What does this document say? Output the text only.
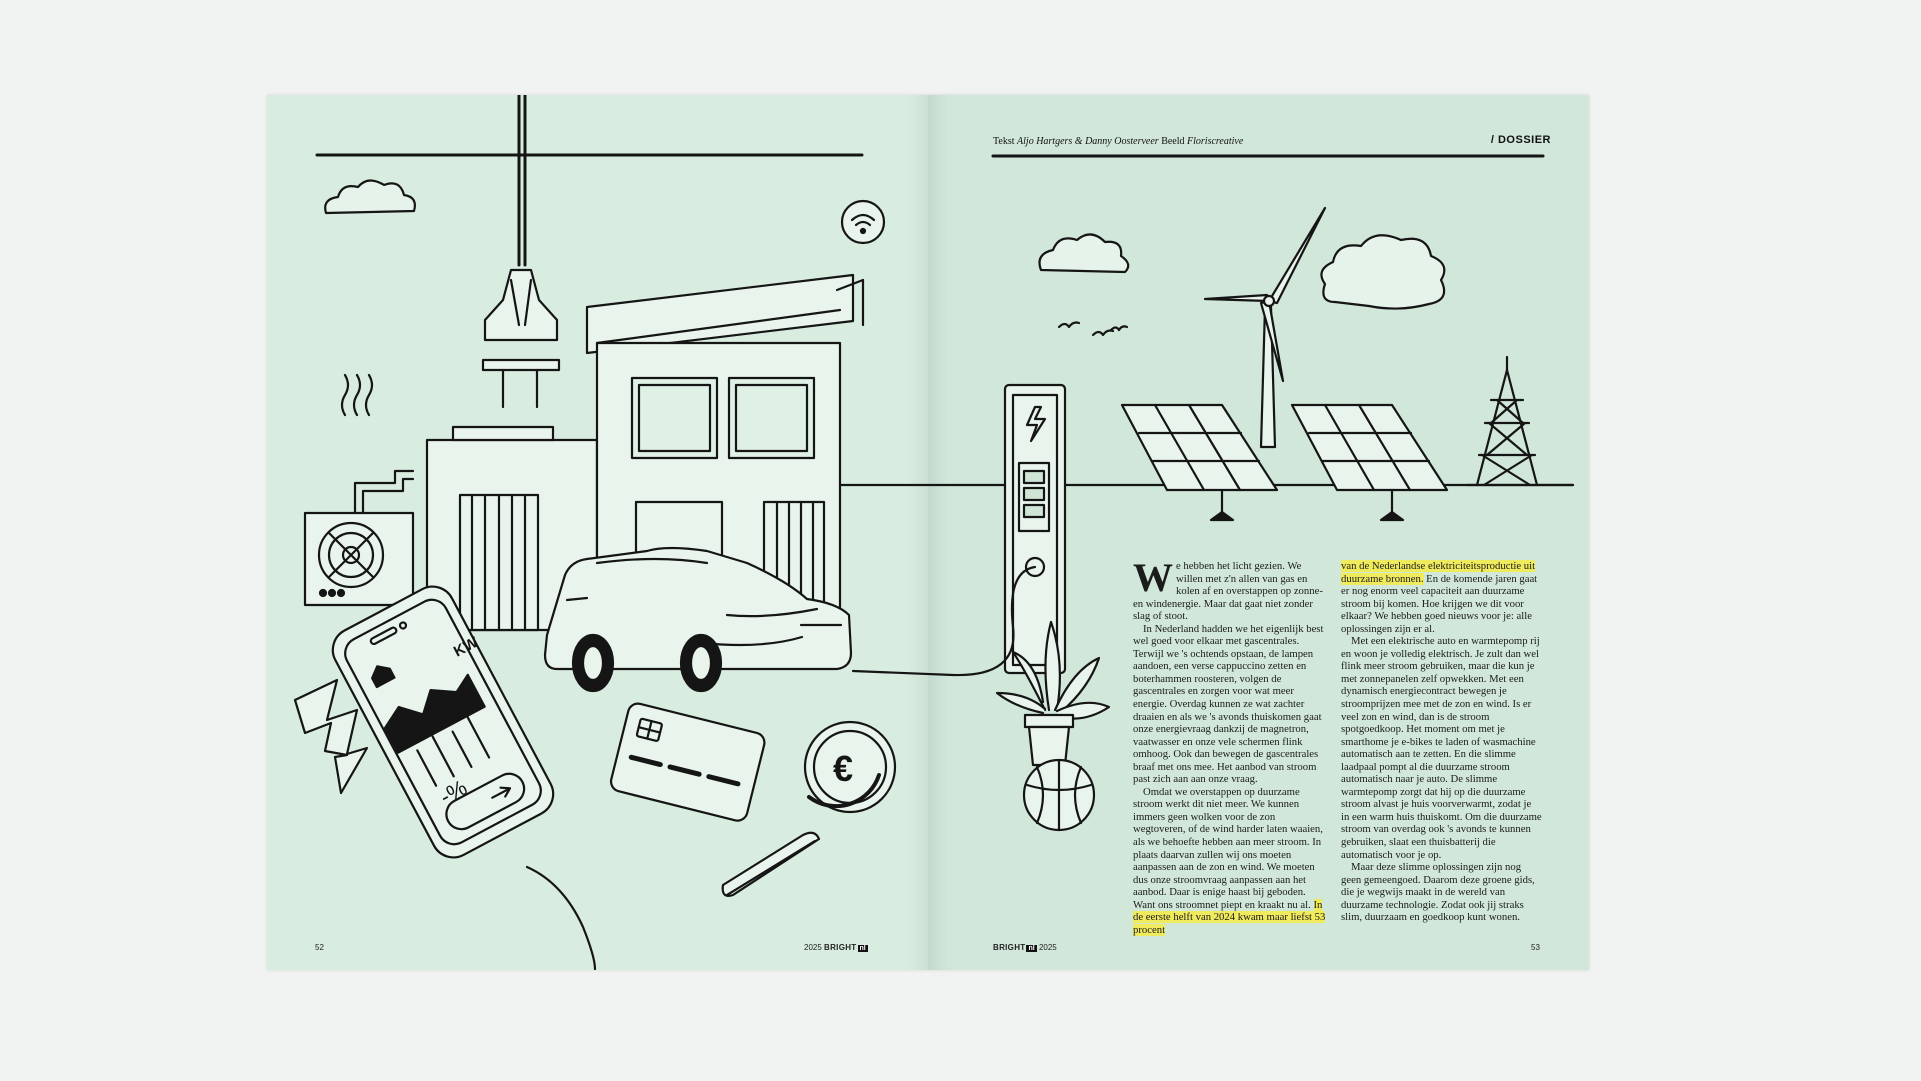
KW
-%
€
Tekst Aljo Hartgers & Danny Oosterveer Beeld Floriscreative	/ DOSSIER

We hebben het licht gezien. We willen met z'n allen van gas en kolen af en overstappen op zonne- en windenergie. Maar dat gaat niet zonder slag of stoot.

In Nederland hadden we het eigenlijk best wel goed voor elkaar met gascentrales. Terwijl we 's ochtends opstaan, de lampen aandoen, een verse cappuccino zetten en boterhammen roosteren, volgen de gascentrales en zorgen voor wat meer energie. Overdag kunnen ze wat zachter draaien en als we 's avonds thuiskomen gaat onze energievraag dankzij de magnetron, vaatwasser en onze vele schermen flink omhoog. Ook dan bewegen de gascentrales braaf met ons mee. Het aanbod van stroom past zich aan aan onze vraag.

Omdat we overstappen op duurzame stroom werkt dit niet meer. We kunnen immers geen wolken voor de zon wegtoveren, of de wind harder laten waaien, als we behoefte hebben aan meer stroom. In plaats daarvan zullen wij ons moeten aanpassen aan de zon en wind. We moeten dus onze stroomvraag aanpassen aan het aanbod. Daar is enige haast bij geboden. Want ons stroomnet piept en kraakt nu al. In de eerste helft van 2024 kwam maar liefst 53 procent

van de Nederlandse elektriciteitsproductie uit duurzame bronnen. En de komende jaren gaat er nog enorm veel capaciteit aan duurzame stroom bij komen. Hoe krijgen we dit voor elkaar? We hebben goed nieuws voor je: alle oplossingen zijn er al.

Met een elektrische auto en warmtepomp rij en woon je volledig elektrisch. Je zult dan wel flink meer stroom gebruiken, maar die kun je met zonnepanelen zelf opwekken. Met een dynamisch energiecontract bewegen je stroomprijzen mee met de zon en wind. Is er veel zon en wind, dan is de stroom spotgoedkoop. Het moment om met je smarthome je e-bikes te laden of wasmachine automatisch aan te zetten. En die slimme laadpaal pompt al die duurzame stroom automatisch naar je auto. De slimme warmtepomp zorgt dat hij op die duurzame stroom alvast je huis voorverwarmt, zodat je in een warm huis thuiskomt. Om die duurzame stroom van overdag ook 's avonds te kunnen gebruiken, slaat een thuisbatterij die automatisch voor je op.

Maar deze slimme oplossingen zijn nog geen gemeengoed. Daarom deze groene gids, die je wegwijs maakt in de wereld van duurzame technologie. Zodat ook jij straks slim, duurzaam en goedkoop kunt wonen.

52	2025 BRIGHT nl	BRIGHT nl 2025	53
